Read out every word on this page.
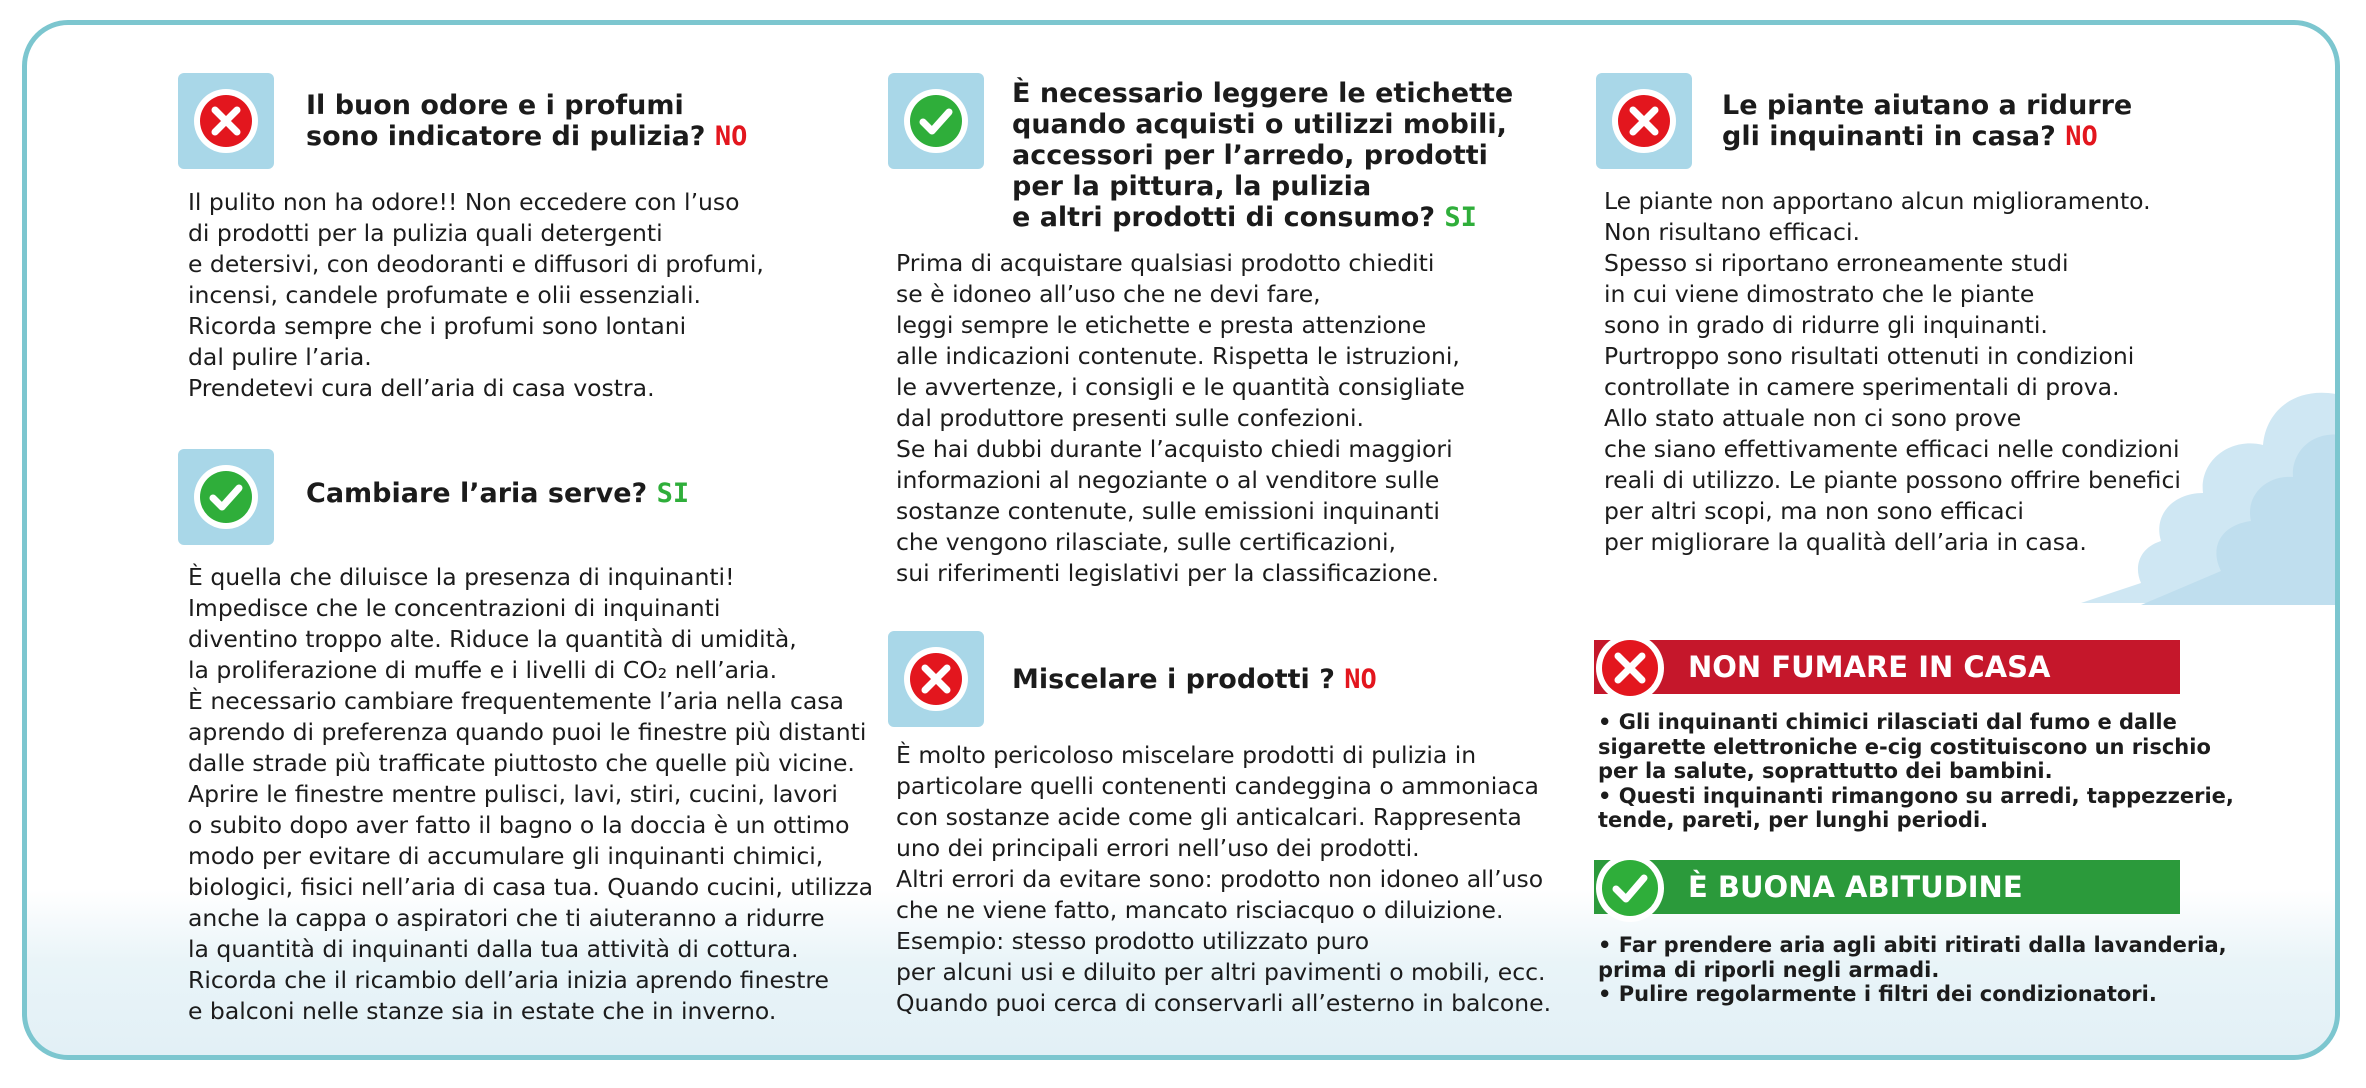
Il buon odore e i profumi
sono indicatore di pulizia? NO

Il pulito non ha odore!! Non eccedere con l’uso
di prodotti per la pulizia quali detergenti
e detersivi, con deodoranti e diffusori di profumi,
incensi, candele profumate e olii essenziali.
Ricorda sempre che i profumi sono lontani
dal pulire l’aria.
Prendetevi cura dell’aria di casa vostra.

Cambiare l’aria serve? SI

È quella che diluisce la presenza di inquinanti!
Impedisce che le concentrazioni di inquinanti
diventino troppo alte. Riduce la quantità di umidità,
la proliferazione di muffe e i livelli di CO₂ nell’aria.
È necessario cambiare frequentemente l’aria nella casa
aprendo di preferenza quando puoi le finestre più distanti
dalle strade più trafficate piuttosto che quelle più vicine.
Aprire le finestre mentre pulisci, lavi, stiri, cucini, lavori
o subito dopo aver fatto il bagno o la doccia è un ottimo
modo per evitare di accumulare gli inquinanti chimici,
biologici, fisici nell’aria di casa tua. Quando cucini, utilizza
anche la cappa o aspiratori che ti aiuteranno a ridurre
la quantità di inquinanti dalla tua attività di cottura.
Ricorda che il ricambio dell’aria inizia aprendo finestre
e balconi nelle stanze sia in estate che in inverno.

È necessario leggere le etichette
quando acquisti o utilizzi mobili,
accessori per l’arredo, prodotti
per la pittura, la pulizia
e altri prodotti di consumo? SI

Prima di acquistare qualsiasi prodotto chiediti
se è idoneo all’uso che ne devi fare,
leggi sempre le etichette e presta attenzione
alle indicazioni contenute. Rispetta le istruzioni,
le avvertenze, i consigli e le quantità consigliate
dal produttore presenti sulle confezioni.
Se hai dubbi durante l’acquisto chiedi maggiori
informazioni al negoziante o al venditore sulle
sostanze contenute, sulle emissioni inquinanti
che vengono rilasciate, sulle certificazioni,
sui riferimenti legislativi per la classificazione.

Miscelare i prodotti ? NO

È molto pericoloso miscelare prodotti di pulizia in
particolare quelli contenenti candeggina o ammoniaca
con sostanze acide come gli anticalcari. Rappresenta
uno dei principali errori nell’uso dei prodotti.
Altri errori da evitare sono: prodotto non idoneo all’uso
che ne viene fatto, mancato risciacquo o diluizione.
Esempio: stesso prodotto utilizzato puro
per alcuni usi e diluito per altri pavimenti o mobili, ecc.
Quando puoi cerca di conservarli all’esterno in balcone.

Le piante aiutano a ridurre
gli inquinanti in casa? NO

Le piante non apportano alcun miglioramento.
Non risultano efficaci.
Spesso si riportano erroneamente studi
in cui viene dimostrato che le piante
sono in grado di ridurre gli inquinanti.
Purtroppo sono risultati ottenuti in condizioni
controllate in camere sperimentali di prova.
Allo stato attuale non ci sono prove
che siano effettivamente efficaci nelle condizioni
reali di utilizzo. Le piante possono offrire benefici
per altri scopi, ma non sono efficaci
per migliorare la qualità dell’aria in casa.

NON FUMARE IN CASA
• Gli inquinanti chimici rilasciati dal fumo e dalle
sigarette elettroniche e-cig costituiscono un rischio
per la salute, soprattutto dei bambini.
• Questi inquinanti rimangono su arredi, tappezzerie,
tende, pareti, per lunghi periodi.
È BUONA ABITUDINE
• Far prendere aria agli abiti ritirati dalla lavanderia,
prima di riporli negli armadi.
• Pulire regolarmente i filtri dei condizionatori.
